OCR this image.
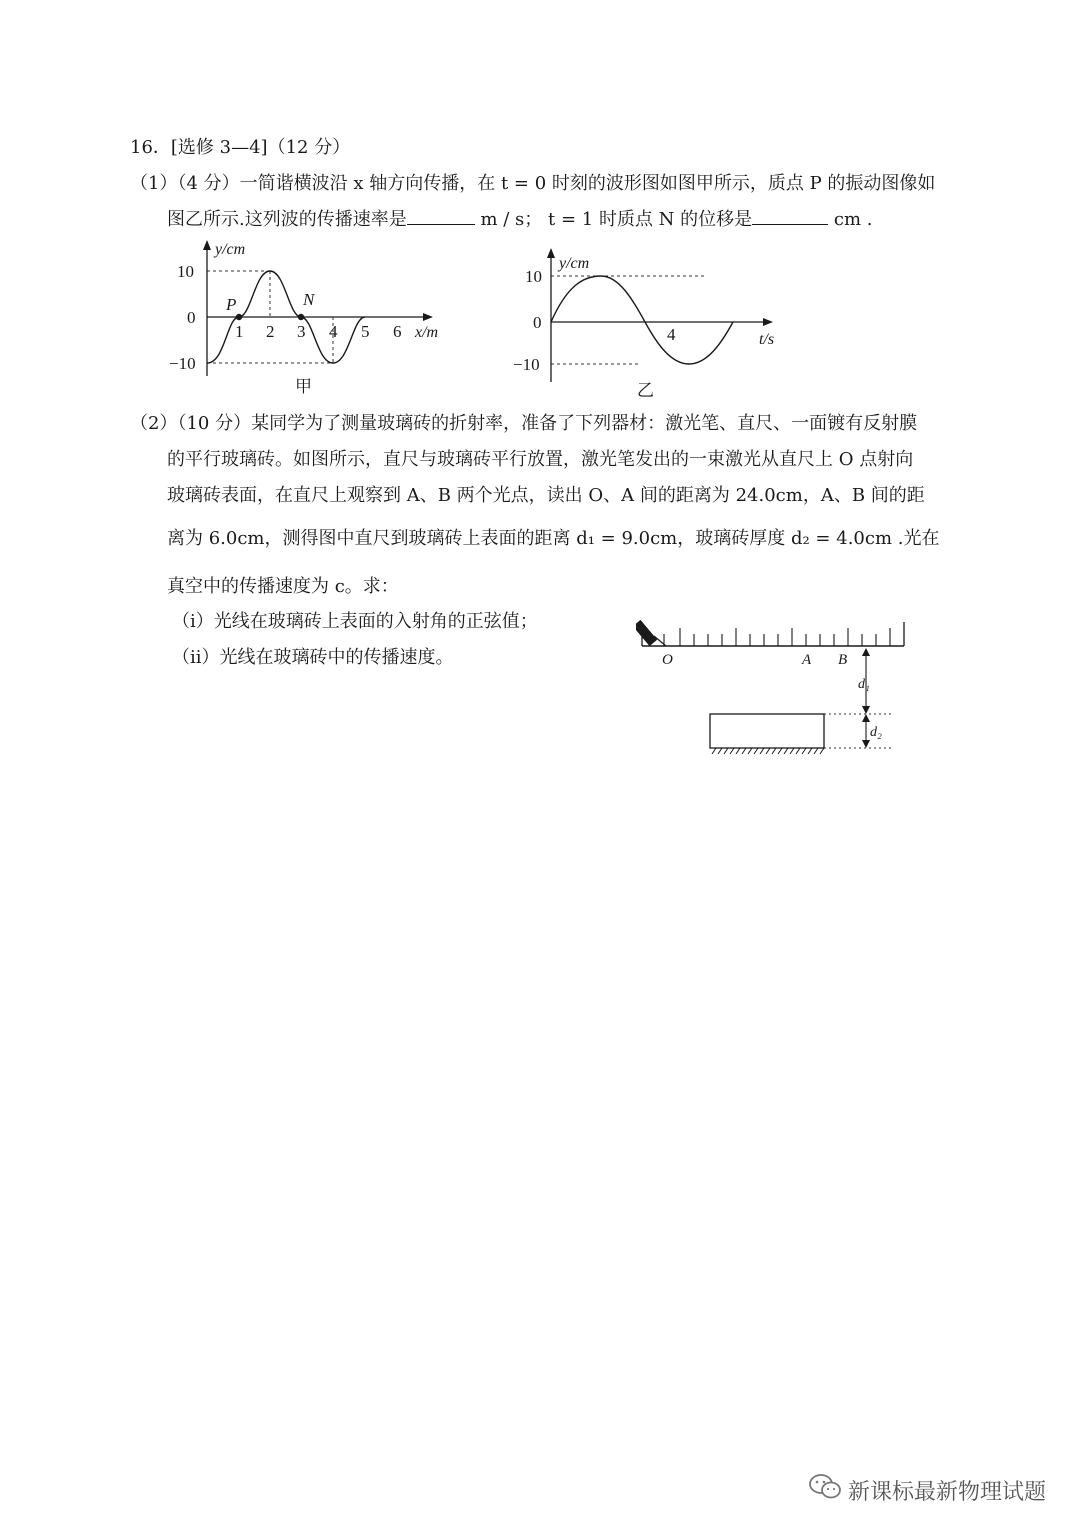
16．[选修 3—4]（12 分）
（1）（4 分）一简谐横波沿 x 轴方向传播，在 t = 0 时刻的波形图如图甲所示，质点 P 的振动图像如
图乙所示.这列波的传播速率是	m / s； t = 1 时质点 N 的位移是	cm .
P	N
y/cm
x/m
10
0
−10
1 2 3 4 5 6
甲
y/cm
t/s
10
0
−10
4
乙
（2）（10 分）某同学为了测量玻璃砖的折射率，准备了下列器材：激光笔、直尺、一面镀有反射膜
的平行玻璃砖。如图所示，直尺与玻璃砖平行放置，激光笔发出的一束激光从直尺上 O 点射向
玻璃砖表面，在直尺上观察到 A、B 两个光点，读出 O、A 间的距离为 24.0cm，A、B 间的距
离为 6.0cm，测得图中直尺到玻璃砖上表面的距离 d₁ = 9.0cm，玻璃砖厚度 d₂ = 4.0cm .光在
真空中的传播速度为 c。求：
（i）光线在玻璃砖上表面的入射角的正弦值；
（ii）光线在玻璃砖中的传播速度。	O	A B
d₁
d₂
新课标最新物理试题
